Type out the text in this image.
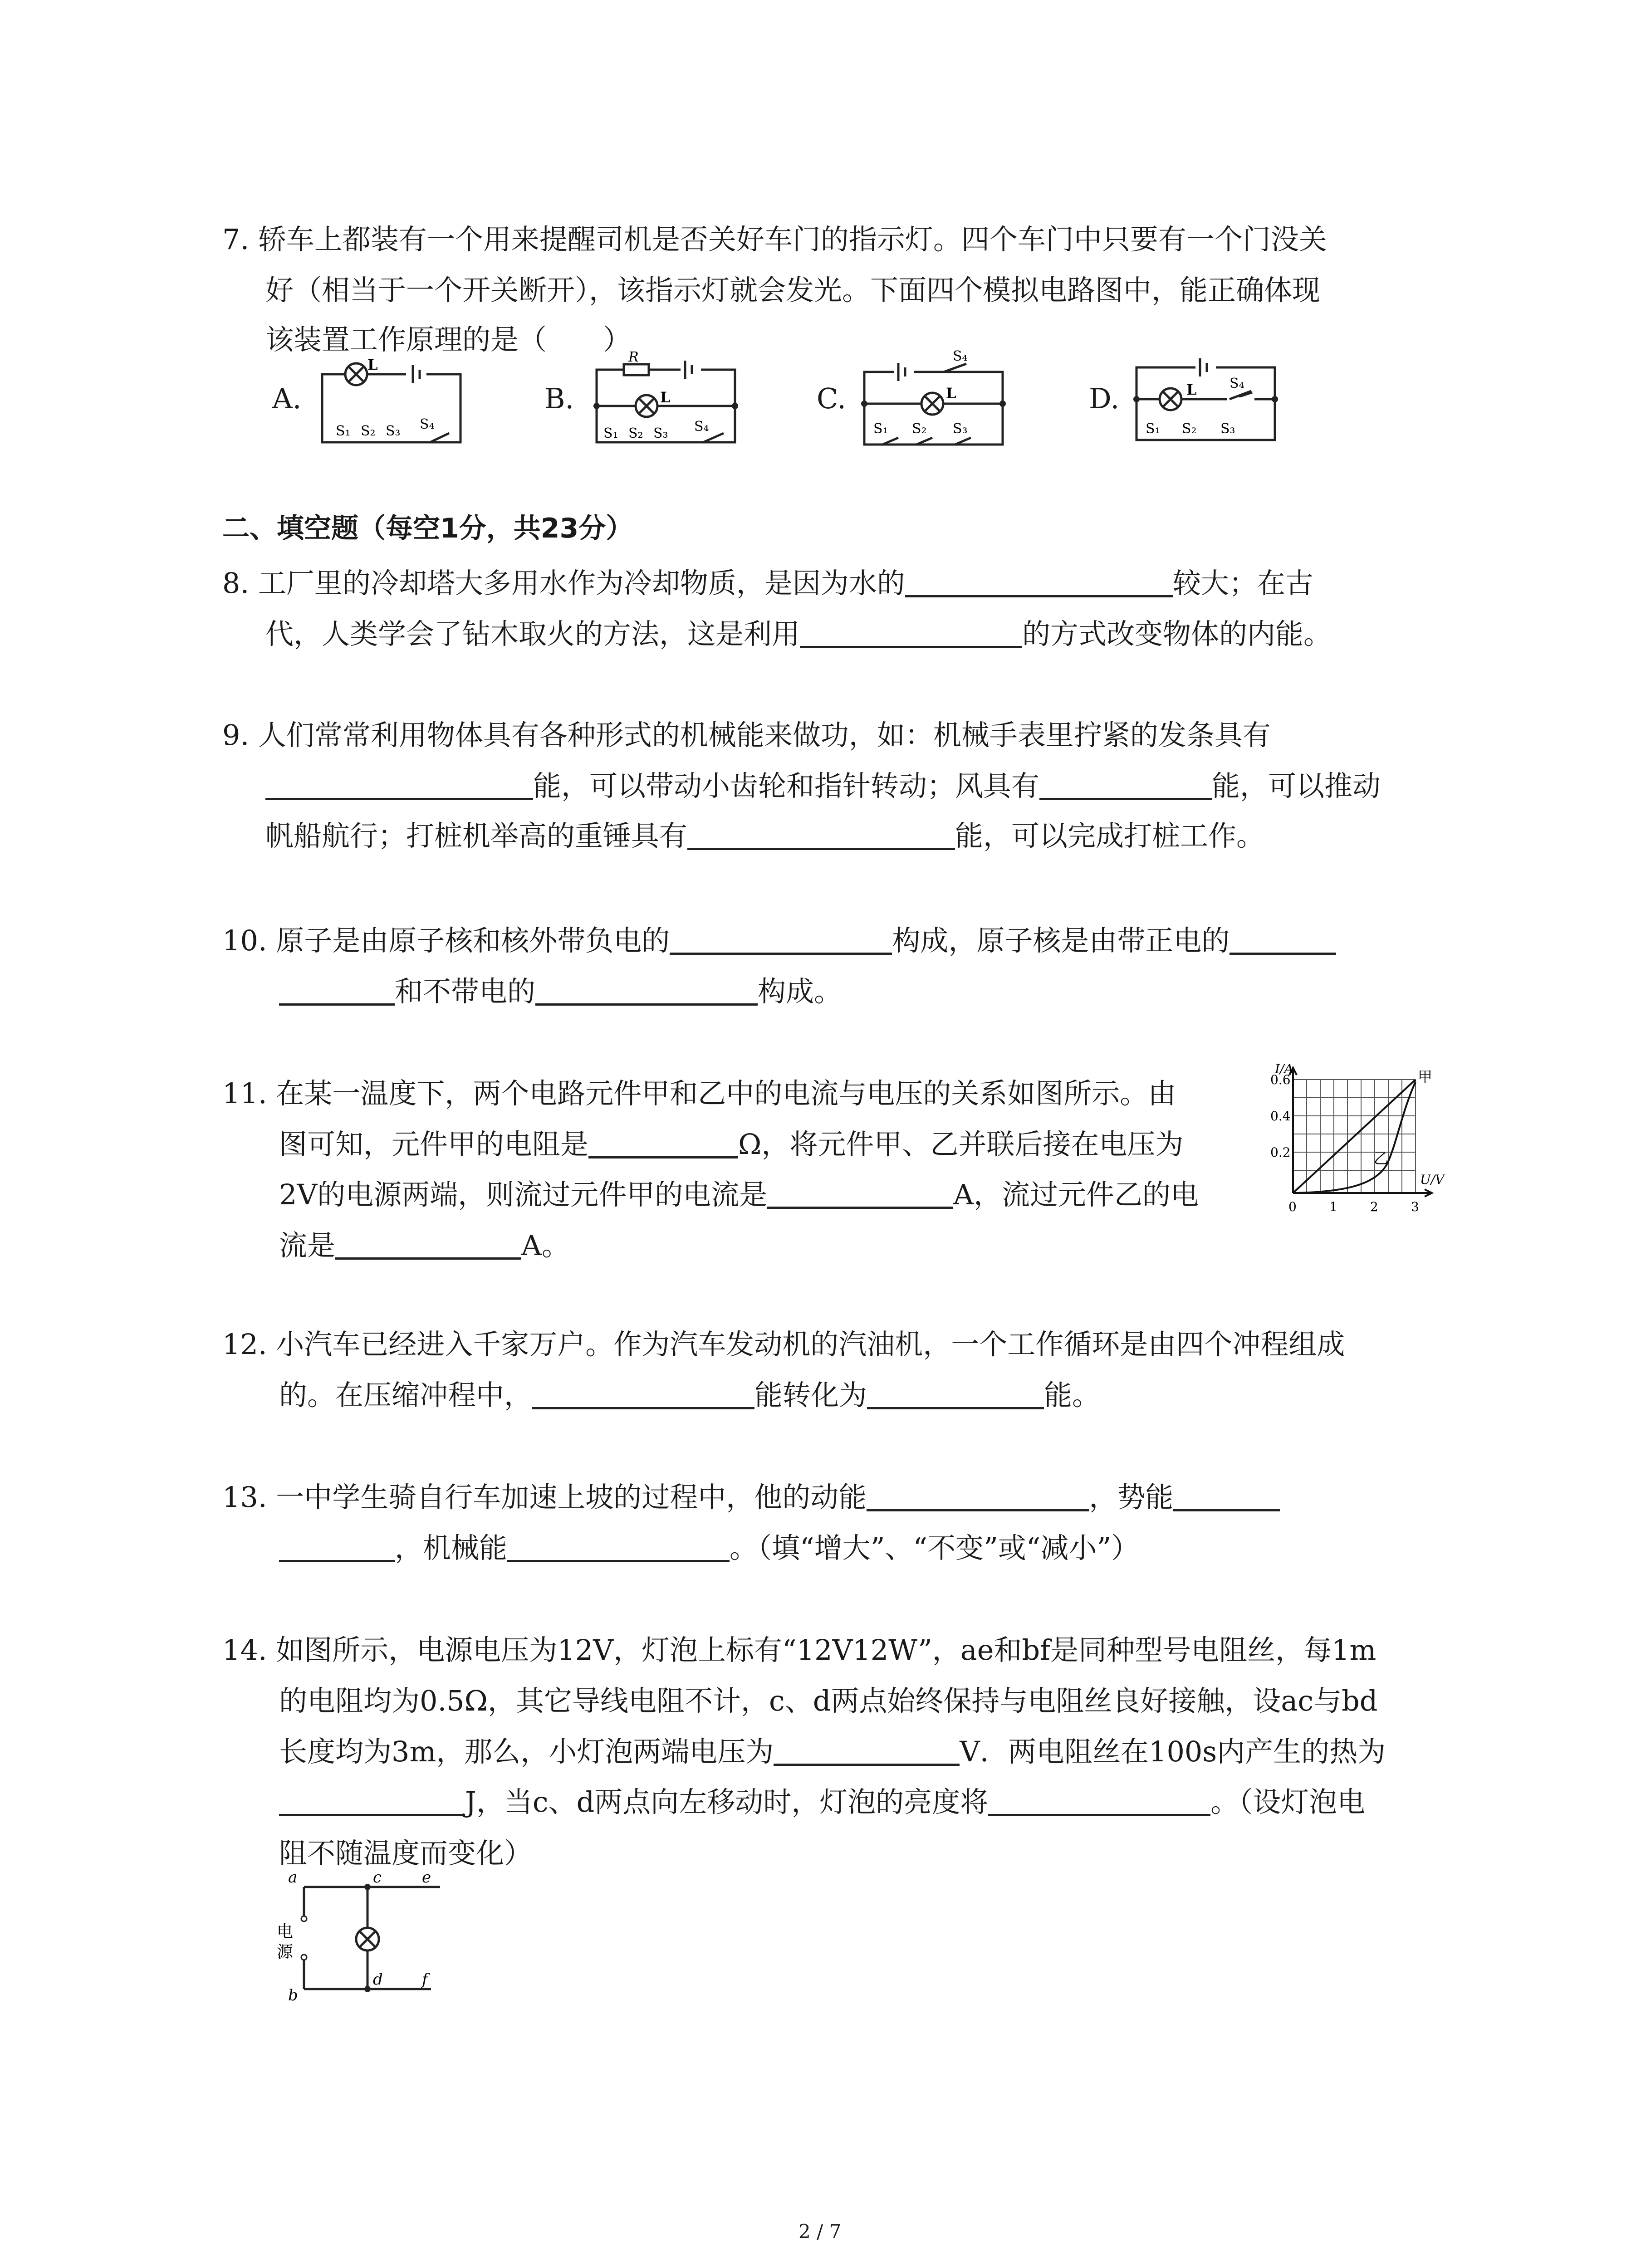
7. 轿车上都装有一个用来提醒司机是否关好车门的指示灯。四个车门中只要有一个门没关
好（相当于一个开关断开），该指示灯就会发光。下面四个模拟电路图中，能正确体现
该装置工作原理的是（　　）
A.	B.	C.	D.
L
S₁ S₂ S₃ S₄
R
L
S₁ S₂ S₃ S₄
S₄
L
S₁ S₂ S₃
L S₄
S₁ S₂ S₃
二、填空题（每空1分，共23分）
8. 工厂里的冷却塔大多用水作为冷却物质，是因为水的	较大；在古
代，人类学会了钻木取火的方法，这是利用	的方式改变物体的内能。
9. 人们常常利用物体具有各种形式的机械能来做功，如：机械手表里拧紧的发条具有
能，可以带动小齿轮和指针转动；风具有	能，可以推动
帆船航行；打桩机举高的重锤具有	能，可以完成打桩工作。
10. 原子是由原子核和核外带负电的	构成，原子核是由带正电的
和不带电的	构成。
11. 在某一温度下，两个电路元件甲和乙中的电流与电压的关系如图所示。由
图可知，元件甲的电阻是	Ω，将元件甲、乙并联后接在电压为
2V的电源两端，则流过元件甲的电流是	A，流过元件乙的电
流是	A。
I/A
U/V
0.6
0.4
0.2
0	1	2	3
甲
乙
12. 小汽车已经进入千家万户。作为汽车发动机的汽油机，一个工作循环是由四个冲程组成
的。在压缩冲程中，	能转化为	能。
13. 一中学生骑自行车加速上坡的过程中，他的动能	，势能
，机械能	。（填“增大”、“不变”或“减小”）
14. 如图所示，电源电压为12V，灯泡上标有“12V12W”，ae和bf是同种型号电阻丝，每1m
的电阻均为0.5Ω，其它导线电阻不计，c、d两点始终保持与电阻丝良好接触，设ac与bd
长度均为3m，那么，小灯泡两端电压为	V．两电阻丝在100s内产生的热为
J，当c、d两点向左移动时，灯泡的亮度将	。（设灯泡电
阻不随温度而变化）
a
b
c
d
e
f
电
源
2 / 7
